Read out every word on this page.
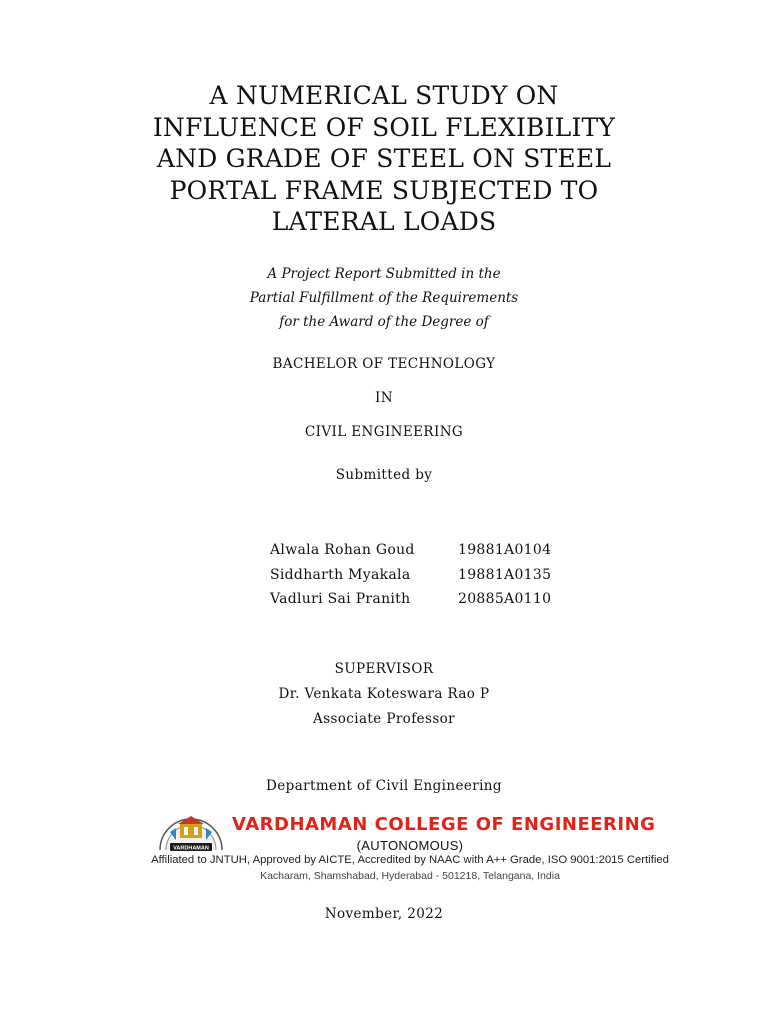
A NUMERICAL STUDY ON
INFLUENCE OF SOIL FLEXIBILITY
AND GRADE OF STEEL ON STEEL
PORTAL FRAME SUBJECTED TO
LATERAL LOADS
A Project Report Submitted in the
Partial Fulfillment of the Requirements
for the Award of the Degree of
BACHELOR OF TECHNOLOGY
IN
CIVIL ENGINEERING
Submitted by
Alwala Rohan Goud	19881A0104
Siddharth Myakala	19881A0135
Vadluri Sai Pranith	20885A0110
SUPERVISOR
Dr. Venkata Koteswara Rao P
Associate Professor
Department of Civil Engineering
VARDHAMAN
VARDHAMAN COLLEGE OF ENGINEERING
(AUTONOMOUS)
Affiliated to JNTUH, Approved by AICTE, Accredited by NAAC with A++ Grade, ISO 9001:2015 Certified
Kacharam, Shamshabad, Hyderabad - 501218, Telangana, India
November, 2022
